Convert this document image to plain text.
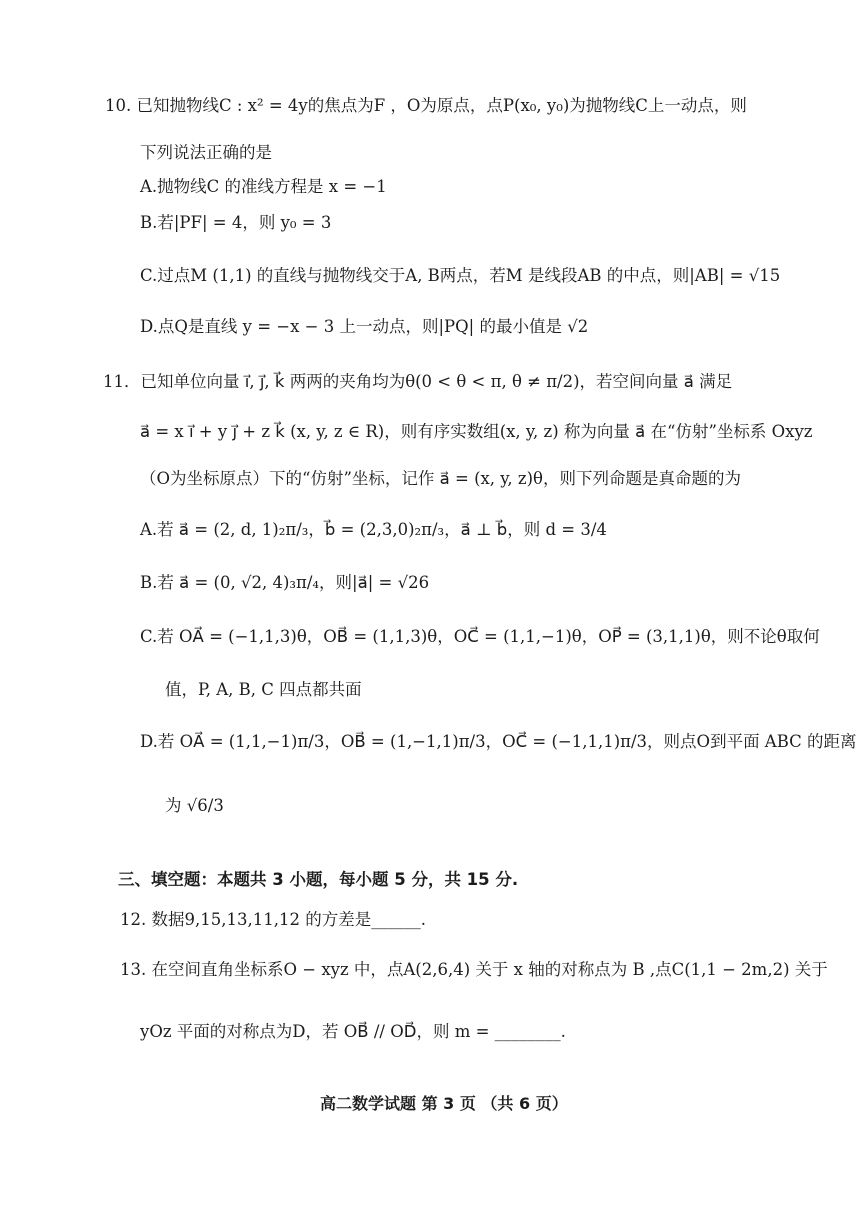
10. 已知抛物线C : x² = 4y的焦点为F ，O为原点，点P(x₀, y₀)为抛物线C上一动点，则
下列说法正确的是
A.抛物线C 的准线方程是 x = −1
B.若|PF| = 4，则 y₀ = 3
C.过点M (1,1) 的直线与抛物线交于A, B两点，若M 是线段AB 的中点，则|AB| = √15
D.点Q是直线 y = −x − 3 上一动点，则|PQ| 的最小值是 √2
11．已知单位向量 i⃗, j⃗, k⃗ 两两的夹角均为θ(0 < θ < π, θ ≠ π/2)，若空间向量 a⃗ 满足
a⃗ = x i⃗ + y j⃗ + z k⃗ (x, y, z ∈ R)，则有序实数组(x, y, z) 称为向量 a⃗ 在“仿射”坐标系 Oxyz
（O为坐标原点）下的“仿射”坐标，记作 a⃗ = (x, y, z)θ，则下列命题是真命题的为
A.若 a⃗ = (2, d, 1)₂π/₃，b⃗ = (2,3,0)₂π/₃，a⃗ ⊥ b⃗，则 d = 3/4
B.若 a⃗ = (0, √2, 4)₃π/₄，则|a⃗| = √26
C.若 OA⃗ = (−1,1,3)θ，OB⃗ = (1,1,3)θ，OC⃗ = (1,1,−1)θ，OP⃗ = (3,1,1)θ，则不论θ取何
值，P, A, B, C 四点都共面
D.若 OA⃗ = (1,1,−1)π/3，OB⃗ = (1,−1,1)π/3，OC⃗ = (−1,1,1)π/3，则点O到平面 ABC 的距离
为 √6/3
三、填空题：本题共 3 小题，每小题 5 分，共 15 分.
12. 数据9,15,13,11,12 的方差是______.
13. 在空间直角坐标系O − xyz 中，点A(2,6,4) 关于 x 轴的对称点为 B ,点C(1,1 − 2m,2) 关于
yOz 平面的对称点为D，若 OB⃗ // OD⃗，则 m = ________.
高二数学试题 第 3 页 （共 6 页）
